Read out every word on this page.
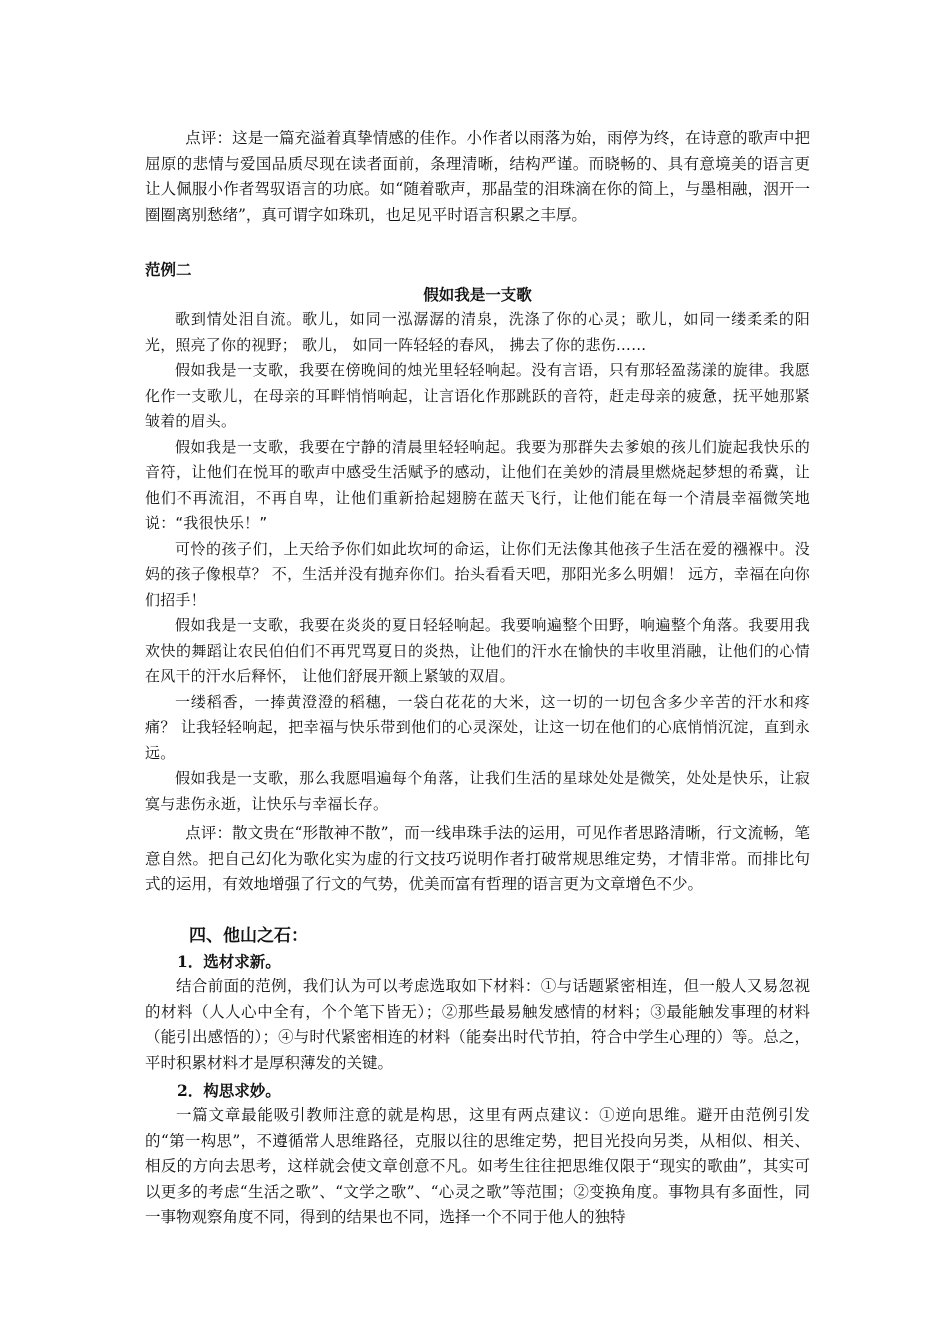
点评：这是一篇充溢着真挚情感的佳作。小作者以雨落为始，雨停为终，在诗意的歌声中把屈原的悲情与爱国品质尽现在读者面前，条理清晰，结构严谨。而晓畅的、具有意境美的语言更让人佩服小作者驾驭语言的功底。如“随着歌声，那晶莹的泪珠滴在你的简上，与墨相融，洇开一圈圈离别愁绪”，真可谓字如珠玑，也足见平时语言积累之丰厚。

范例二

假如我是一支歌

歌到情处泪自流。歌儿，如同一泓潺潺的清泉，洗涤了你的心灵；歌儿，如同一缕柔柔的阳光，照亮了你的视野； 歌儿， 如同一阵轻轻的春风， 拂去了你的悲伤……

假如我是一支歌，我要在傍晚间的烛光里轻轻响起。没有言语，只有那轻盈荡漾的旋律。我愿化作一支歌儿，在母亲的耳畔悄悄响起，让言语化作那跳跃的音符，赶走母亲的疲惫，抚平她那紧皱着的眉头。

假如我是一支歌，我要在宁静的清晨里轻轻响起。我要为那群失去爹娘的孩儿们旋起我快乐的音符，让他们在悦耳的歌声中感受生活赋予的感动，让他们在美妙的清晨里燃烧起梦想的希冀，让他们不再流泪，不再自卑，让他们重新拾起翅膀在蓝天飞行，让他们能在每一个清晨幸福微笑地说：“我很快乐！”

可怜的孩子们，上天给予你们如此坎坷的命运，让你们无法像其他孩子生活在爱的襁褓中。没妈的孩子像根草？ 不，生活并没有抛弃你们。抬头看看天吧，那阳光多么明媚！ 远方，幸福在向你们招手！

假如我是一支歌，我要在炎炎的夏日轻轻响起。我要响遍整个田野，响遍整个角落。我要用我欢快的舞蹈让农民伯伯们不再咒骂夏日的炎热，让他们的汗水在愉快的丰收里消融，让他们的心情在风干的汗水后释怀， 让他们舒展开额上紧皱的双眉。

一缕稻香，一捧黄澄澄的稻穗，一袋白花花的大米，这一切的一切包含多少辛苦的汗水和疼痛？ 让我轻轻响起，把幸福与快乐带到他们的心灵深处，让这一切在他们的心底悄悄沉淀，直到永远。

假如我是一支歌，那么我愿唱遍每个角落，让我们生活的星球处处是微笑，处处是快乐，让寂寞与悲伤永逝，让快乐与幸福长存。

点评：散文贵在“形散神不散”，而一线串珠手法的运用，可见作者思路清晰，行文流畅，笔意自然。把自己幻化为歌化实为虚的行文技巧说明作者打破常规思维定势，才情非常。而排比句式的运用，有效地增强了行文的气势，优美而富有哲理的语言更为文章增色不少。

四、他山之石：

1．选材求新。

结合前面的范例，我们认为可以考虑选取如下材料：①与话题紧密相连，但一般人又易忽视的材料（人人心中全有，个个笔下皆无）；②那些最易触发感情的材料；③最能触发事理的材料（能引出感悟的）；④与时代紧密相连的材料（能奏出时代节拍，符合中学生心理的）等。总之，平时积累材料才是厚积薄发的关键。

2．构思求妙。

一篇文章最能吸引教师注意的就是构思，这里有两点建议：①逆向思维。避开由范例引发的“第一构思”，不遵循常人思维路径，克服以往的思维定势，把目光投向另类，从相似、相关、相反的方向去思考，这样就会使文章创意不凡。如考生往往把思维仅限于“现实的歌曲”，其实可以更多的考虑“生活之歌”、“文学之歌”、“心灵之歌”等范围；②变换角度。事物具有多面性，同一事物观察角度不同，得到的结果也不同，选择一个不同于他人的独特
